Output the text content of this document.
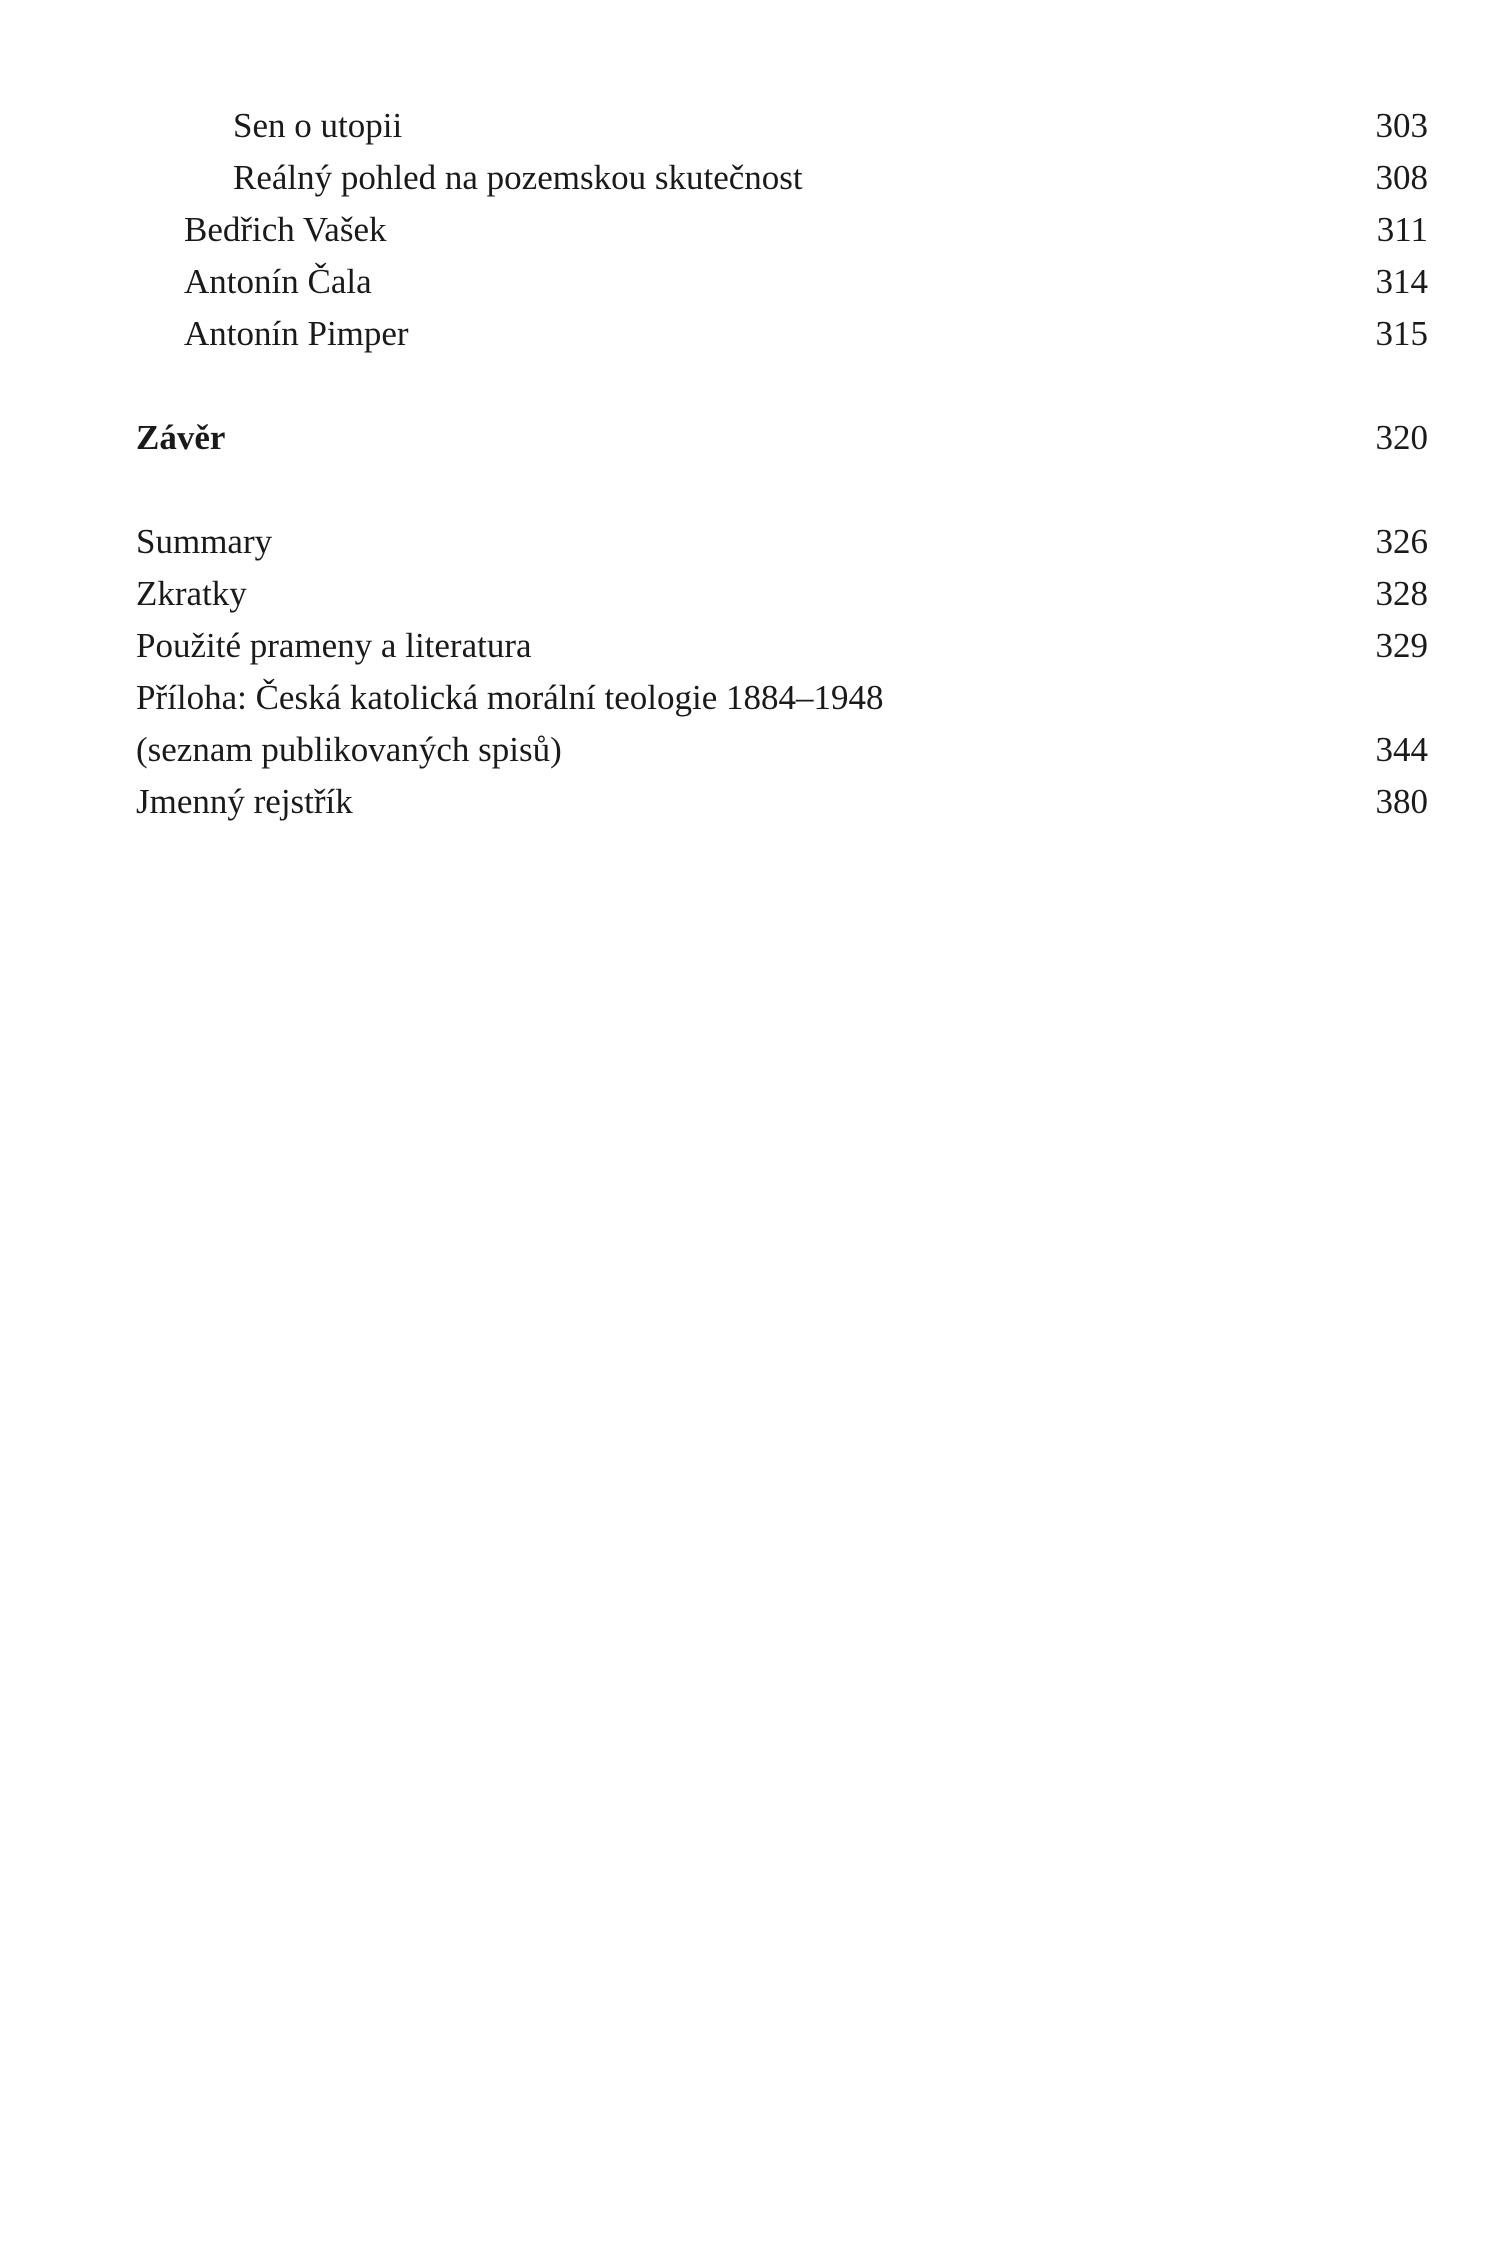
Sen o utopii	303
Reálný pohled na pozemskou skutečnost	308
Bedřich Vašek	311
Antonín Čala	314
Antonín Pimper	315
Závěr	320
Summary	326
Zkratky	328
Použité prameny a literatura	329
Příloha: Česká katolická morální teologie 1884–1948
(seznam publikovaných spisů)	344
Jmenný rejstřík	380
